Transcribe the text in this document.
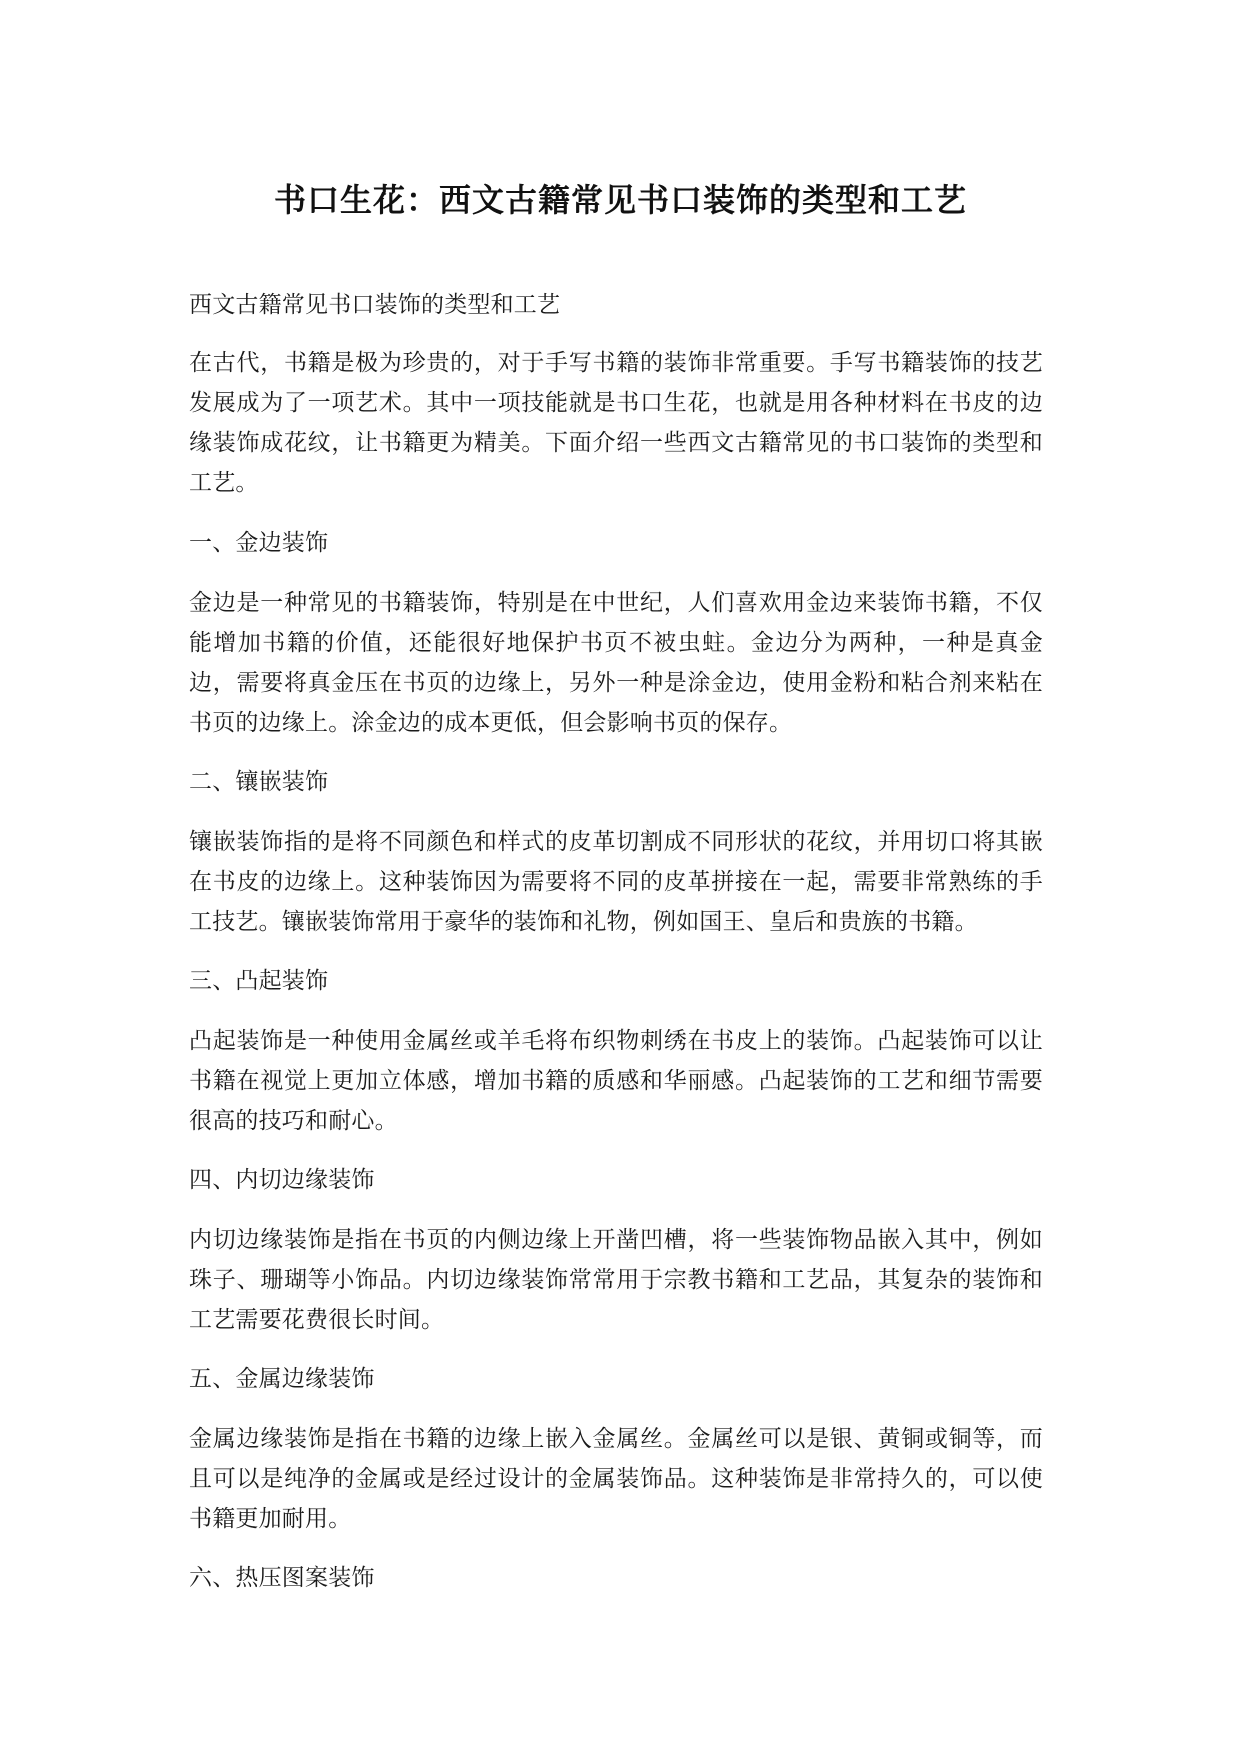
书口生花：西文古籍常见书口装饰的类型和工艺

西文古籍常见书口装饰的类型和工艺

在古代，书籍是极为珍贵的，对于手写书籍的装饰非常重要。手写书籍装饰的技艺发展成为了一项艺术。其中一项技能就是书口生花，也就是用各种材料在书皮的边缘装饰成花纹，让书籍更为精美。下面介绍一些西文古籍常见的书口装饰的类型和工艺。

一、金边装饰

金边是一种常见的书籍装饰，特别是在中世纪，人们喜欢用金边来装饰书籍，不仅能增加书籍的价值，还能很好地保护书页不被虫蛀。金边分为两种，一种是真金边，需要将真金压在书页的边缘上，另外一种是涂金边，使用金粉和粘合剂来粘在书页的边缘上。涂金边的成本更低，但会影响书页的保存。

二、镶嵌装饰

镶嵌装饰指的是将不同颜色和样式的皮革切割成不同形状的花纹，并用切口将其嵌在书皮的边缘上。这种装饰因为需要将不同的皮革拼接在一起，需要非常熟练的手工技艺。镶嵌装饰常用于豪华的装饰和礼物，例如国王、皇后和贵族的书籍。

三、凸起装饰

凸起装饰是一种使用金属丝或羊毛将布织物刺绣在书皮上的装饰。凸起装饰可以让书籍在视觉上更加立体感，增加书籍的质感和华丽感。凸起装饰的工艺和细节需要很高的技巧和耐心。

四、内切边缘装饰

内切边缘装饰是指在书页的内侧边缘上开凿凹槽，将一些装饰物品嵌入其中，例如珠子、珊瑚等小饰品。内切边缘装饰常常用于宗教书籍和工艺品，其复杂的装饰和工艺需要花费很长时间。

五、金属边缘装饰

金属边缘装饰是指在书籍的边缘上嵌入金属丝。金属丝可以是银、黄铜或铜等，而且可以是纯净的金属或是经过设计的金属装饰品。这种装饰是非常持久的，可以使书籍更加耐用。

六、热压图案装饰
